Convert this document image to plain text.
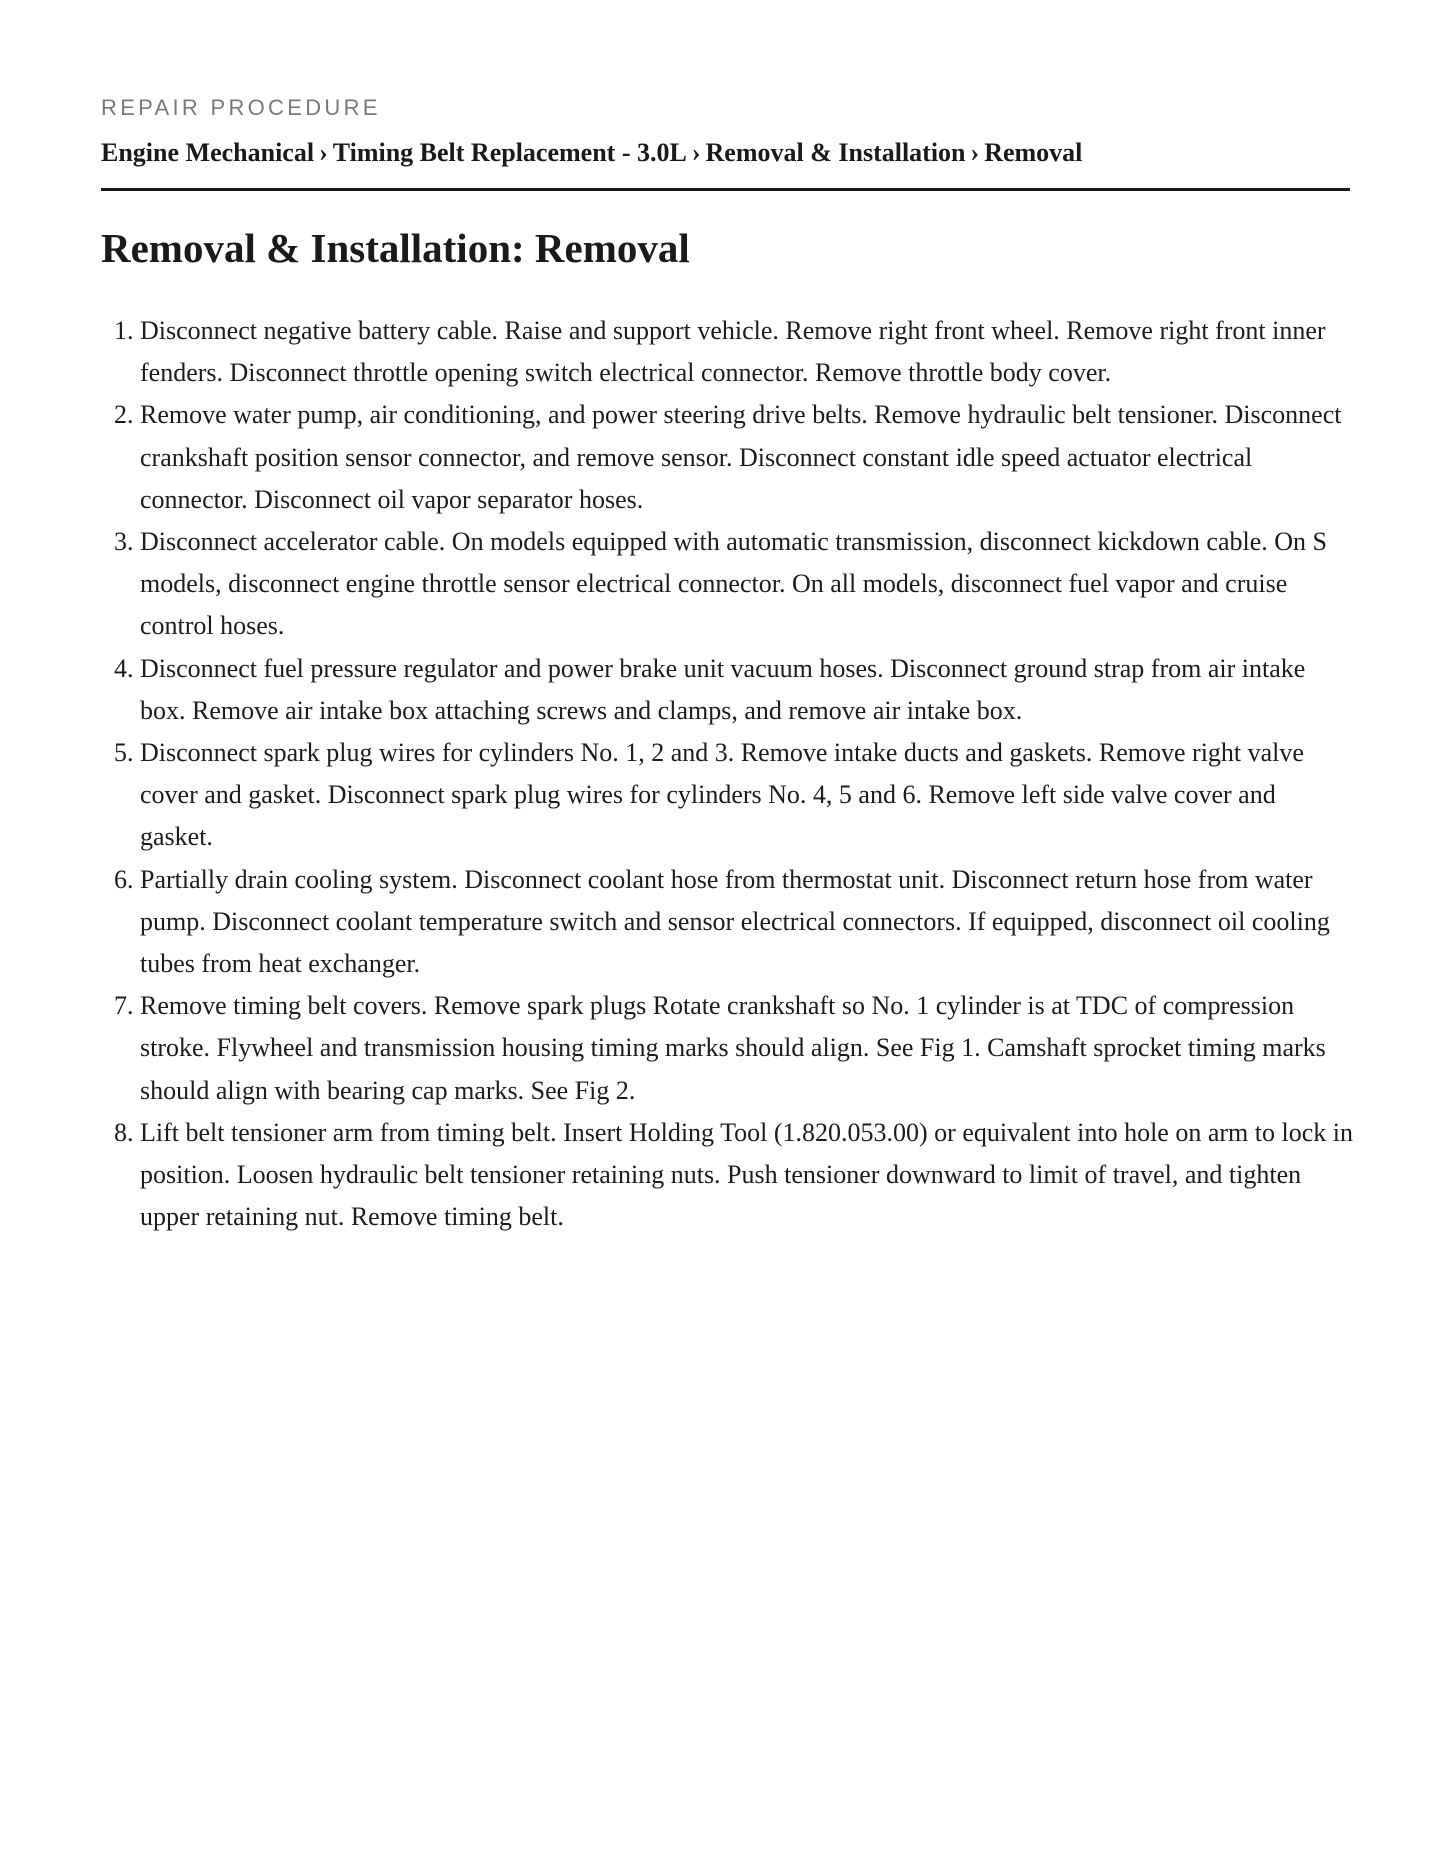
REPAIR PROCEDURE
Engine Mechanical › Timing Belt Replacement - 3.0L › Removal & Installation › Removal
Removal & Installation: Removal
1. Disconnect negative battery cable. Raise and support vehicle. Remove right front wheel. Remove right front inner fenders. Disconnect throttle opening switch electrical connector. Remove throttle body cover.
2. Remove water pump, air conditioning, and power steering drive belts. Remove hydraulic belt tensioner. Disconnect crankshaft position sensor connector, and remove sensor. Disconnect constant idle speed actuator electrical connector. Disconnect oil vapor separator hoses.
3. Disconnect accelerator cable. On models equipped with automatic transmission, disconnect kickdown cable. On S models, disconnect engine throttle sensor electrical connector. On all models, disconnect fuel vapor and cruise control hoses.
4. Disconnect fuel pressure regulator and power brake unit vacuum hoses. Disconnect ground strap from air intake box. Remove air intake box attaching screws and clamps, and remove air intake box.
5. Disconnect spark plug wires for cylinders No. 1, 2 and 3. Remove intake ducts and gaskets. Remove right valve cover and gasket. Disconnect spark plug wires for cylinders No. 4, 5 and 6. Remove left side valve cover and gasket.
6. Partially drain cooling system. Disconnect coolant hose from thermostat unit. Disconnect return hose from water pump. Disconnect coolant temperature switch and sensor electrical connectors. If equipped, disconnect oil cooling tubes from heat exchanger.
7. Remove timing belt covers. Remove spark plugs Rotate crankshaft so No. 1 cylinder is at TDC of compression stroke. Flywheel and transmission housing timing marks should align. See Fig 1. Camshaft sprocket timing marks should align with bearing cap marks. See Fig 2.
8. Lift belt tensioner arm from timing belt. Insert Holding Tool (1.820.053.00) or equivalent into hole on arm to lock in position. Loosen hydraulic belt tensioner retaining nuts. Push tensioner downward to limit of travel, and tighten upper retaining nut. Remove timing belt.
